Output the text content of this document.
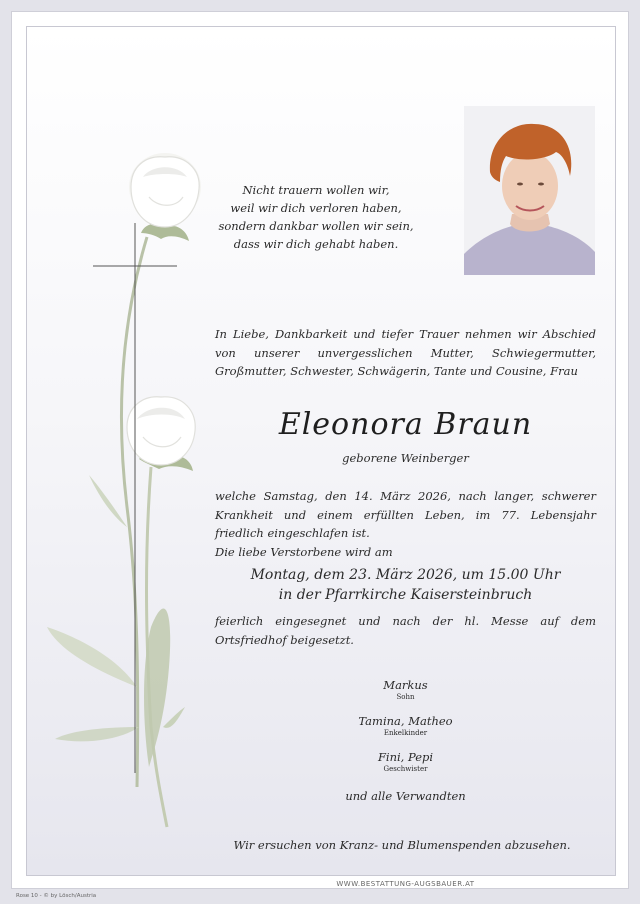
Nicht trauern wollen wir,
weil wir dich verloren haben,
sondern dankbar wollen wir sein,
dass wir dich gehabt haben.
In Liebe, Dankbarkeit und tiefer Trauer nehmen wir Abschied von unserer unvergesslichen Mutter, Schwiegermutter, Großmutter, Schwester, Schwägerin, Tante und Cousine, Frau
Eleonora Braun
geborene Weinberger
welche Samstag, den 14. März 2026, nach langer, schwerer Krankheit und einem erfüllten Leben, im 77. Lebensjahr friedlich eingeschlafen ist.
Die liebe Verstorbene wird am
Montag, dem 23. März 2026, um 15.00 Uhr
in der Pfarrkirche Kaisersteinbruch
feierlich eingesegnet und nach der hl. Messe auf dem Ortsfriedhof beigesetzt.
Markus
Sohn
Tamina, Matheo
Enkelkinder
Fini, Pepi
Geschwister
und alle Verwandten
Wir ersuchen von Kranz- und Blumenspenden abzusehen.
WWW.BESTATTUNG-AUGSBAUER.AT
Rose 10 - © by Lösch/Austria
